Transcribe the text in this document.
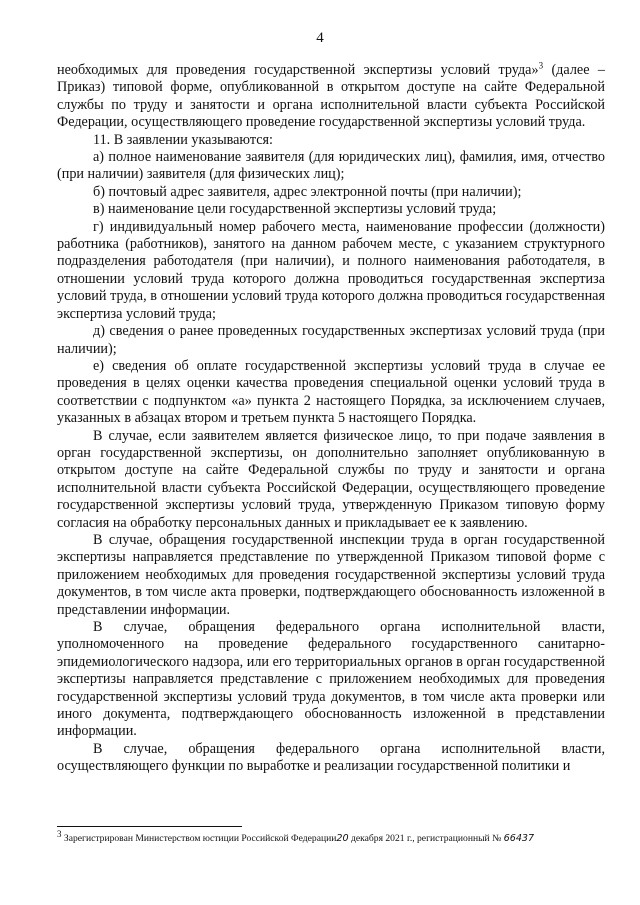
4

необходимых для проведения государственной экспертизы условий труда»$^3$ (далее – Приказ) типовой форме, опубликованной в открытом доступе на сайте Федеральной службы по труду и занятости и органа исполнительной власти субъекта Российской Федерации, осуществляющего проведение государственной экспертизы условий труда.

11. В заявлении указываются:

а) полное наименование заявителя (для юридических лиц), фамилия, имя, отчество (при наличии) заявителя (для физических лиц);

б) почтовый адрес заявителя, адрес электронной почты (при наличии);

в) наименование цели государственной экспертизы условий труда;

г) индивидуальный номер рабочего места, наименование профессии (должности) работника (работников), занятого на данном рабочем месте, с указанием структурного подразделения работодателя (при наличии), и полного наименования работодателя, в отношении условий труда которого должна проводиться государственная экспертиза условий труда, в отношении условий труда которого должна проводиться государственная экспертиза условий труда;

д) сведения о ранее проведенных государственных экспертизах условий труда (при наличии);

е) сведения об оплате государственной экспертизы условий труда в случае ее проведения в целях оценки качества проведения специальной оценки условий труда в соответствии с подпунктом «а» пункта 2 настоящего Порядка, за исключением случаев, указанных в абзацах втором и третьем пункта 5 настоящего Порядка.

В случае, если заявителем является физическое лицо, то при подаче заявления в орган государственной экспертизы, он дополнительно заполняет опубликованную в открытом доступе на сайте Федеральной службы по труду и занятости и органа исполнительной власти субъекта Российской Федерации, осуществляющего проведение государственной экспертизы условий труда, утвержденную Приказом типовую форму согласия на обработку персональных данных и прикладывает ее к заявлению.

В случае, обращения государственной инспекции труда в орган государственной экспертизы направляется представление по утвержденной Приказом типовой форме с приложением необходимых для проведения государственной экспертизы условий труда документов, в том числе акта проверки, подтверждающего обоснованность изложенной в представлении информации.

В случае, обращения федерального органа исполнительной власти, уполномоченного на проведение федерального государственного санитарно-эпидемиологического надзора, или его территориальных органов в орган государственной экспертизы направляется представление с приложением необходимых для проведения государственной экспертизы условий труда документов, в том числе акта проверки или иного документа, подтверждающего обоснованность изложенной в представлении информации.

В случае, обращения федерального органа исполнительной власти, осуществляющего функции по выработке и реализации государственной политики и

$^3$ Зарегистрирован Министерством юстиции Российской Федерации20 декабря 2021 г., регистрационный № 66437
